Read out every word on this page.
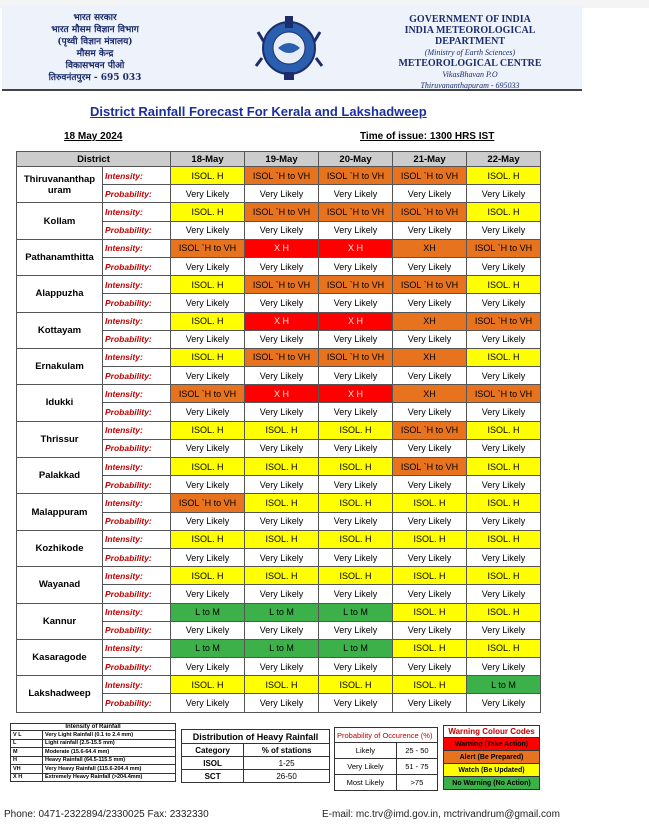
भारत सरकार
भारत मौसम विज्ञान विभाग
(पृथ्वी विज्ञान मंत्रालय)
मौसम केन्द्र
विकासभवन पीओ
तिरुवनंतपुरम - 695 033
GOVERNMENT OF INDIA
INDIA METEOROLOGICAL
DEPARTMENT
(Ministry of Earth Sciences)
METEOROLOGICAL CENTRE
VikasBhavan P.O
Thiruvananthapuram - 695033
District Rainfall Forecast For Kerala and Lakshadweep
18 May 2024	Time of issue: 1300 HRS IST
District		18-May	19-May	20-May	21-May	22-May
Thiruvananthap uram	Intensity:	ISOL. H	ISOL `H to VH	ISOL `H to VH	ISOL `H to VH	ISOL. H
	Probability:	Very Likely	Very Likely	Very Likely	Very Likely	Very Likely
Kollam	Intensity:	ISOL. H	ISOL `H to VH	ISOL `H to VH	ISOL `H to VH	ISOL. H
	Probability:	Very Likely	Very Likely	Very Likely	Very Likely	Very Likely
Pathanamthitta	Intensity:	ISOL `H to VH	X H	X H	XH	ISOL `H to VH
	Probability:	Very Likely	Very Likely	Very Likely	Very Likely	Very Likely
Alappuzha	Intensity:	ISOL. H	ISOL `H to VH	ISOL `H to VH	ISOL `H to VH	ISOL. H
	Probability:	Very Likely	Very Likely	Very Likely	Very Likely	Very Likely
Kottayam	Intensity:	ISOL. H	X H	X H	XH	ISOL `H to VH
	Probability:	Very Likely	Very Likely	Very Likely	Very Likely	Very Likely
Ernakulam	Intensity:	ISOL. H	ISOL `H to VH	ISOL `H to VH	XH	ISOL. H
	Probability:	Very Likely	Very Likely	Very Likely	Very Likely	Very Likely
Idukki	Intensity:	ISOL `H to VH	X H	X H	XH	ISOL `H to VH
	Probability:	Very Likely	Very Likely	Very Likely	Very Likely	Very Likely
Thrissur	Intensity:	ISOL. H	ISOL. H	ISOL. H	ISOL `H to VH	ISOL. H
	Probability:	Very Likely	Very Likely	Very Likely	Very Likely	Very Likely
Palakkad	Intensity:	ISOL. H	ISOL. H	ISOL. H	ISOL `H to VH	ISOL. H
	Probability:	Very Likely	Very Likely	Very Likely	Very Likely	Very Likely
Malappuram	Intensity:	ISOL `H to VH	ISOL. H	ISOL. H	ISOL. H	ISOL. H
	Probability:	Very Likely	Very Likely	Very Likely	Very Likely	Very Likely
Kozhikode	Intensity:	ISOL. H	ISOL. H	ISOL. H	ISOL. H	ISOL. H
	Probability:	Very Likely	Very Likely	Very Likely	Very Likely	Very Likely
Wayanad	Intensity:	ISOL. H	ISOL. H	ISOL. H	ISOL. H	ISOL. H
	Probability:	Very Likely	Very Likely	Very Likely	Very Likely	Very Likely
Kannur	Intensity:	L to M	L to M	L to M	ISOL. H	ISOL. H
	Probability:	Very Likely	Very Likely	Very Likely	Very Likely	Very Likely
Kasaragode	Intensity:	L to M	L to M	L to M	ISOL. H	ISOL. H
	Probability:	Very Likely	Very Likely	Very Likely	Very Likely	Very Likely
Lakshadweep	Intensity:	ISOL. H	ISOL. H	ISOL. H	ISOL. H	L to M
	Probability:	Very Likely	Very Likely	Very Likely	Very Likely	Very Likely
Intensity of Rainfall	
V L	Very Light Rainfall (0.1 to 2.4 mm)
L	Light rainfall (2.5-15.5 mm)
M	Moderate (15.6-64.4 mm)
H	Heavy Rainfall (64.5-115.5 mm)
VH	Very Heavy Rainfall (115.6-204.4 mm)
X H	Extremely Heavy Rainfall (>204.4mm)
Distribution of Heavy Rainfall	
Category	% of stations
ISOL	1-25
SCT	26-50
Probability of Occurence (%)	
Likely	25 - 50
Very Likely	51 - 75
Most Likely	>75
Warning Colour Codes
Warning (Take Action)
Alert (Be Prepared)
Watch (Be Updated)
No Warning (No Action)
Phone: 0471-2322894/2330025 Fax: 2332330	E-mail: mc.trv@imd.gov.in, mctrivandrum@gmail.com
